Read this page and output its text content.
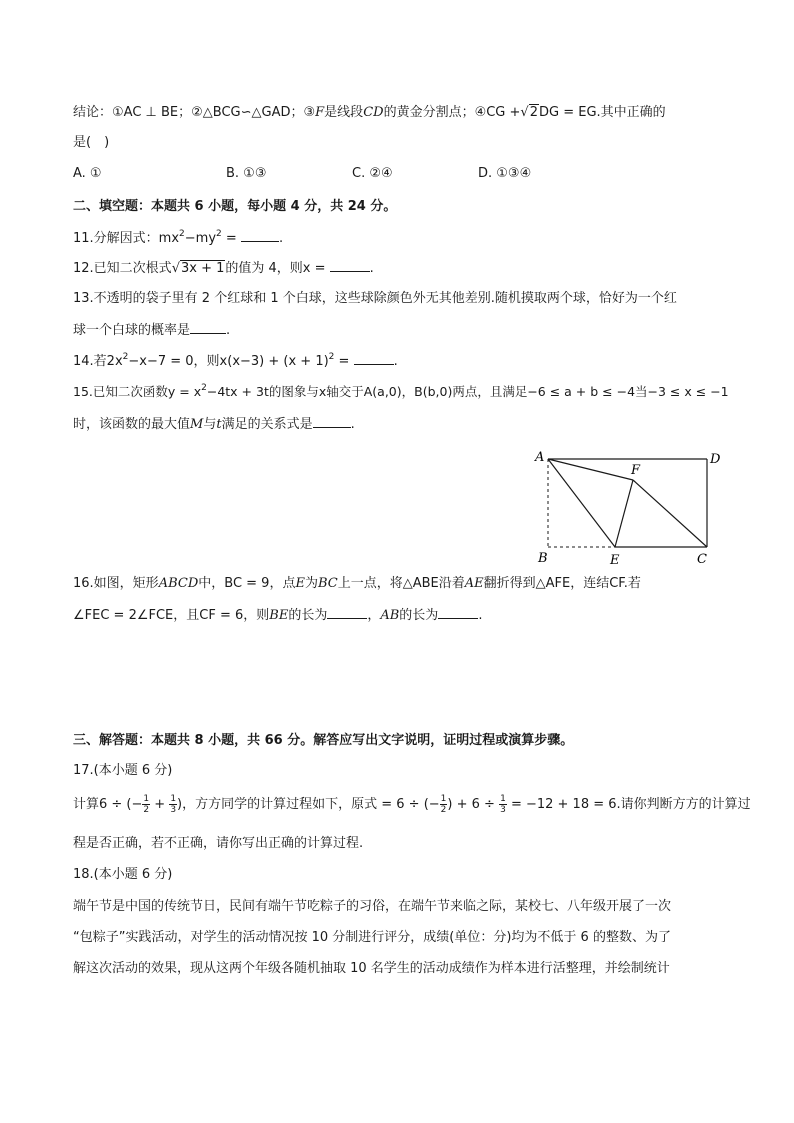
结论：①AC ⊥ BE；②△BCG∽△GAD；③F是线段CD的黄金分割点；④CG +√2DG = EG.其中正确的
是(　)
A. ①	B. ①③	C. ②④	D. ①③④
二、填空题：本题共 6 小题，每小题 4 分，共 24 分。
11.分解因式：$mx^2-my^2$ =	.
12.已知二次根式√3x + 1的值为 4，则x =	.
13.不透明的袋子里有 2 个红球和 1 个白球，这些球除颜色外无其他差别.随机摸取两个球，恰好为一个红
球一个白球的概率是	.
14.若$2x^2-x-7 = 0$，则$x(x-3) + (x + 1)^2$ =	.
15.已知二次函数$y = x^2-4tx + 3t$的图象与x轴交于A(a,0)，B(b,0)两点，且满足−6 ≤ a + b ≤ −4当−3 ≤ x ≤ −1
时，该函数的最大值M与t满足的关系式是	.
A	D
F
B	E	C
16.如图，矩形ABCD中，BC = 9，点E为BC上一点，将△ABE沿着AE翻折得到△AFE，连结CF.若
∠FEC = 2∠FCE，且CF = 6，则BE的长为	，AB的长为	.
三、解答题：本题共 8 小题，共 66 分。解答应写出文字说明，证明过程或演算步骤。
17.(本小题 6 分)
计算6 ÷ (− $\frac{1}{2} + \frac{1}{3}$ )，方方同学的计算过程如下，原式 = 6 ÷ (− $\frac{1}{2}$ ) + $6 \div \frac{1}{3} = -12 + 18 = 6$.请你判断方方的计算过
程是否正确，若不正确，请你写出正确的计算过程.
18.(本小题 6 分)
端午节是中国的传统节日，民间有端午节吃粽子的习俗，在端午节来临之际，某校七、八年级开展了一次
“包粽子”实践活动，对学生的活动情况按 10 分制进行评分，成绩(单位：分)均为不低于 6 的整数、为了
解这次活动的效果，现从这两个年级各随机抽取 10 名学生的活动成绩作为样本进行活整理，并绘制统计
